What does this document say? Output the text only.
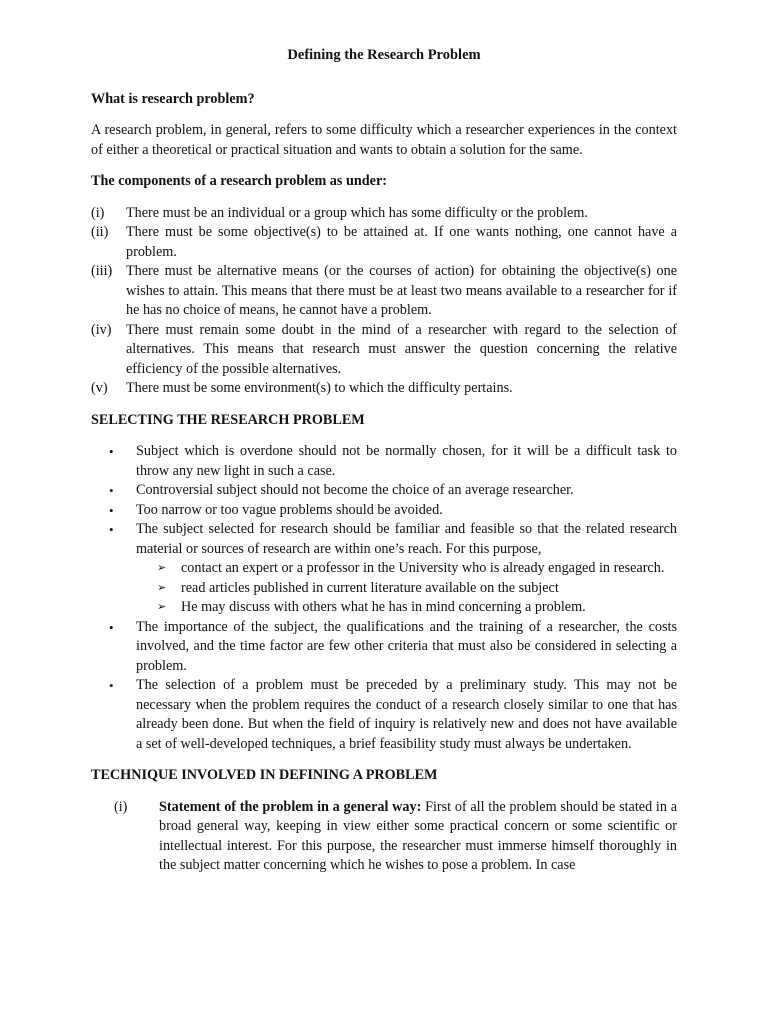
Defining the Research Problem
What is research problem?
A research problem, in general, refers to some difficulty which a researcher experiences in the context of either a theoretical or practical situation and wants to obtain a solution for the same.
The components of a research problem as under:
(i)	There must be an individual or a group which has some difficulty or the problem.
(ii)	There must be some objective(s) to be attained at. If one wants nothing, one cannot have a problem.
(iii) There must be alternative means (or the courses of action) for obtaining the objective(s) one wishes to attain. This means that there must be at least two means available to a researcher for if he has no choice of means, he cannot have a problem.
(iv)	There must remain some doubt in the mind of a researcher with regard to the selection of alternatives. This means that research must answer the question concerning the relative efficiency of the possible alternatives.
(v)	There must be some environment(s) to which the difficulty pertains.
SELECTING THE RESEARCH PROBLEM
• Subject which is overdone should not be normally chosen, for it will be a difficult task to throw any new light in such a case.
• Controversial subject should not become the choice of an average researcher.
• Too narrow or too vague problems should be avoided.
• The subject selected for research should be familiar and feasible so that the related research material or sources of research are within one’s reach. For this purpose,
➢ contact an expert or a professor in the University who is already engaged in research.
➢ read articles published in current literature available on the subject
➢ He may discuss with others what he has in mind concerning a problem.
• The importance of the subject, the qualifications and the training of a researcher, the costs involved, and the time factor are few other criteria that must also be considered in selecting a problem.
• The selection of a problem must be preceded by a preliminary study. This may not be necessary when the problem requires the conduct of a research closely similar to one that has already been done. But when the field of inquiry is relatively new and does not have available a set of well-developed techniques, a brief feasibility study must always be undertaken.
TECHNIQUE INVOLVED IN DEFINING A PROBLEM
(i)	Statement of the problem in a general way: First of all the problem should be stated in a broad general way, keeping in view either some practical concern or some scientific or intellectual interest. For this purpose, the researcher must immerse himself thoroughly in the subject matter concerning which he wishes to pose a problem. In case
